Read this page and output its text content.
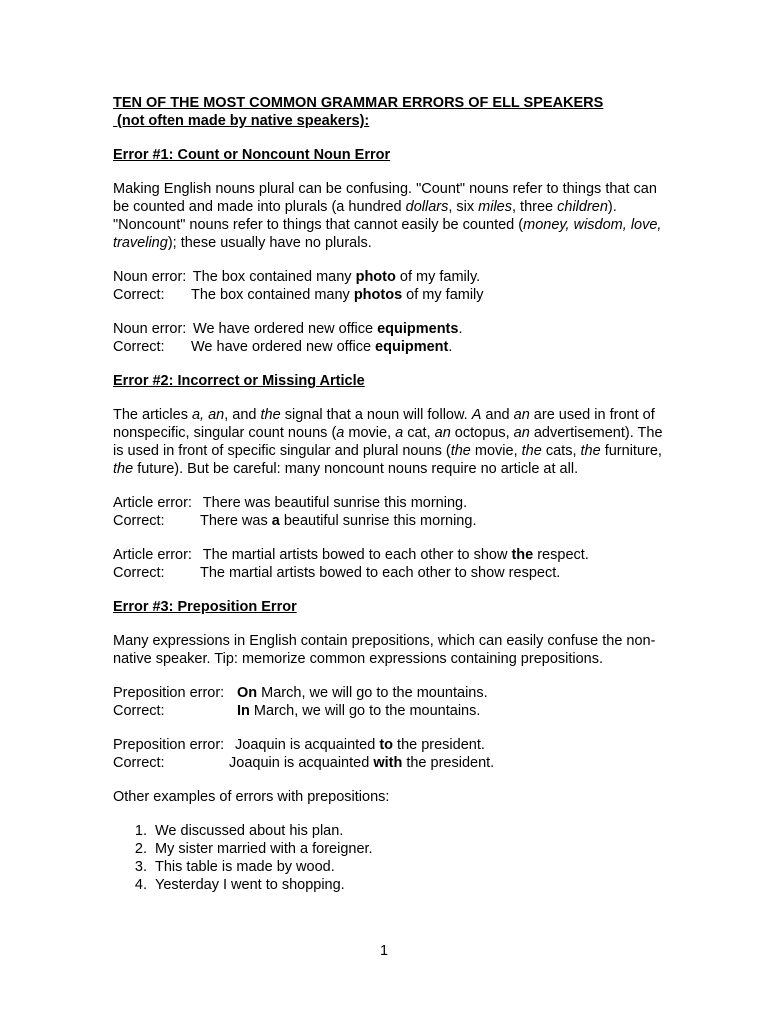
TEN OF THE MOST COMMON GRAMMAR ERRORS OF ELL SPEAKERS

(not often made by native speakers):

Error #1: Count or Noncount Noun Error

Making English nouns plural can be confusing. "Count" nouns refer to things that can be counted and made into plurals (a hundred dollars, six miles, three children). "Noncount" nouns refer to things that cannot easily be counted (money, wisdom, love, traveling); these usually have no plurals.

Noun error: The box contained many photo of my family.
Correct:	The box contained many photos of my family
Noun error: We have ordered new office equipments.
Correct:	We have ordered new office equipment.

Error #2: Incorrect or Missing Article

The articles a, an, and the signal that a noun will follow. A and an are used in front of nonspecific, singular count nouns (a movie, a cat, an octopus, an advertisement). The is used in front of specific singular and plural nouns (the movie, the cats, the furniture, the future). But be careful: many noncount nouns require no article at all.

Article error: There was beautiful sunrise this morning.
Correct:	There was a beautiful sunrise this morning.
Article error: The martial artists bowed to each other to show the respect.
Correct:	The martial artists bowed to each other to show respect.

Error #3: Preposition Error

Many expressions in English contain prepositions, which can easily confuse the non-native speaker. Tip: memorize common expressions containing prepositions.

Preposition error: On March, we will go to the mountains.
Correct:	In March, we will go to the mountains.
Preposition error: Joaquin is acquainted to the president.
Correct:	Joaquin is acquainted with the president.

Other examples of errors with prepositions:

1. We discussed about his plan.
2. My sister married with a foreigner.
3. This table is made by wood.
4. Yesterday I went to shopping.
1
